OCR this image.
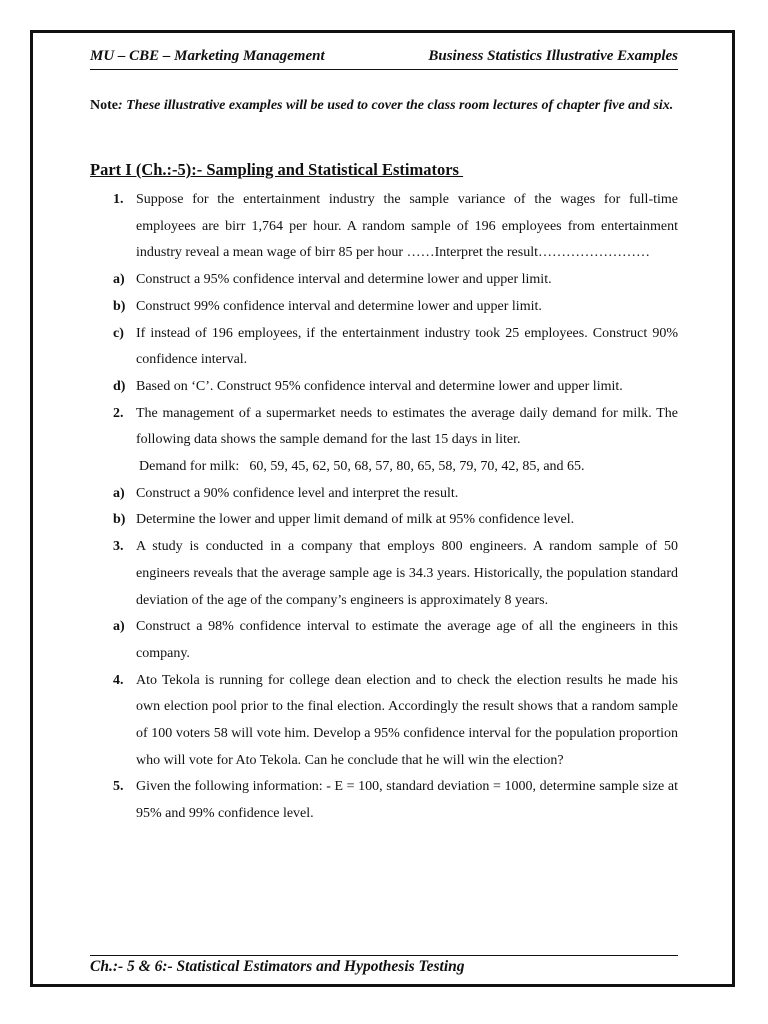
MU – CBE – Marketing Management	Business Statistics Illustrative Examples
Note: These illustrative examples will be used to cover the class room lectures of chapter five and six.
Part I (Ch.:-5):- Sampling and Statistical Estimators
1. Suppose for the entertainment industry the sample variance of the wages for full-time employees are birr 1,764 per hour. A random sample of 196 employees from entertainment industry reveal a mean wage of birr 85 per hour ……Interpret the result……………………
a) Construct a 95% confidence interval and determine lower and upper limit.
b) Construct 99% confidence interval and determine lower and upper limit.
c) If instead of 196 employees, if the entertainment industry took 25 employees. Construct 90% confidence interval.
d) Based on ‘C’. Construct 95% confidence interval and determine lower and upper limit.
2. The management of a supermarket needs to estimates the average daily demand for milk. The following data shows the sample demand for the last 15 days in liter.
Demand for milk: 60, 59, 45, 62, 50, 68, 57, 80, 65, 58, 79, 70, 42, 85, and 65.
a) Construct a 90% confidence level and interpret the result.
b) Determine the lower and upper limit demand of milk at 95% confidence level.
3. A study is conducted in a company that employs 800 engineers. A random sample of 50 engineers reveals that the average sample age is 34.3 years. Historically, the population standard deviation of the age of the company’s engineers is approximately 8 years.
a) Construct a 98% confidence interval to estimate the average age of all the engineers in this company.
4. Ato Tekola is running for college dean election and to check the election results he made his own election pool prior to the final election. Accordingly the result shows that a random sample of 100 voters 58 will vote him. Develop a 95% confidence interval for the population proportion who will vote for Ato Tekola. Can he conclude that he will win the election?
5. Given the following information: - E = 100, standard deviation = 1000, determine sample size at 95% and 99% confidence level.
Ch.:- 5 & 6:- Statistical Estimators and Hypothesis Testing
